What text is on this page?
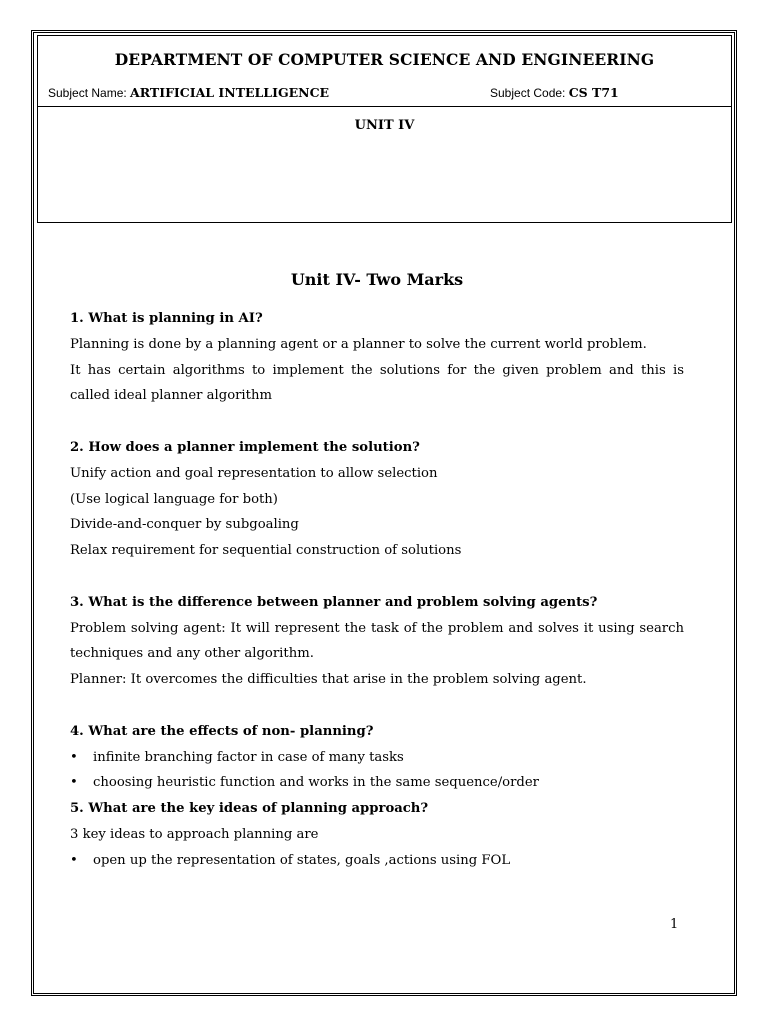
DEPARTMENT OF COMPUTER SCIENCE AND ENGINEERING
Subject Name: ARTIFICIAL INTELLIGENCE	Subject Code: CS T71
UNIT IV
Unit IV- Two Marks

1. What is planning in AI?

Planning is done by a planning agent or a planner to solve the current world problem.

It has certain algorithms to implement the solutions for the given problem and this is called ideal planner algorithm

2. How does a planner implement the solution?

Unify action and goal representation to allow selection

(Use logical language for both)

Divide-and-conquer by subgoaling

Relax requirement for sequential construction of solutions

3. What is the difference between planner and problem solving agents?

Problem solving agent: It will represent the task of the problem and solves it using search techniques and any other algorithm.

Planner: It overcomes the difficulties that arise in the problem solving agent.

4. What are the effects of non- planning?

• infinite branching factor in case of many tasks

• choosing heuristic function and works in the same sequence/order

5. What are the key ideas of planning approach?

3 key ideas to approach planning are

• open up the representation of states, goals ,actions using FOL

1
